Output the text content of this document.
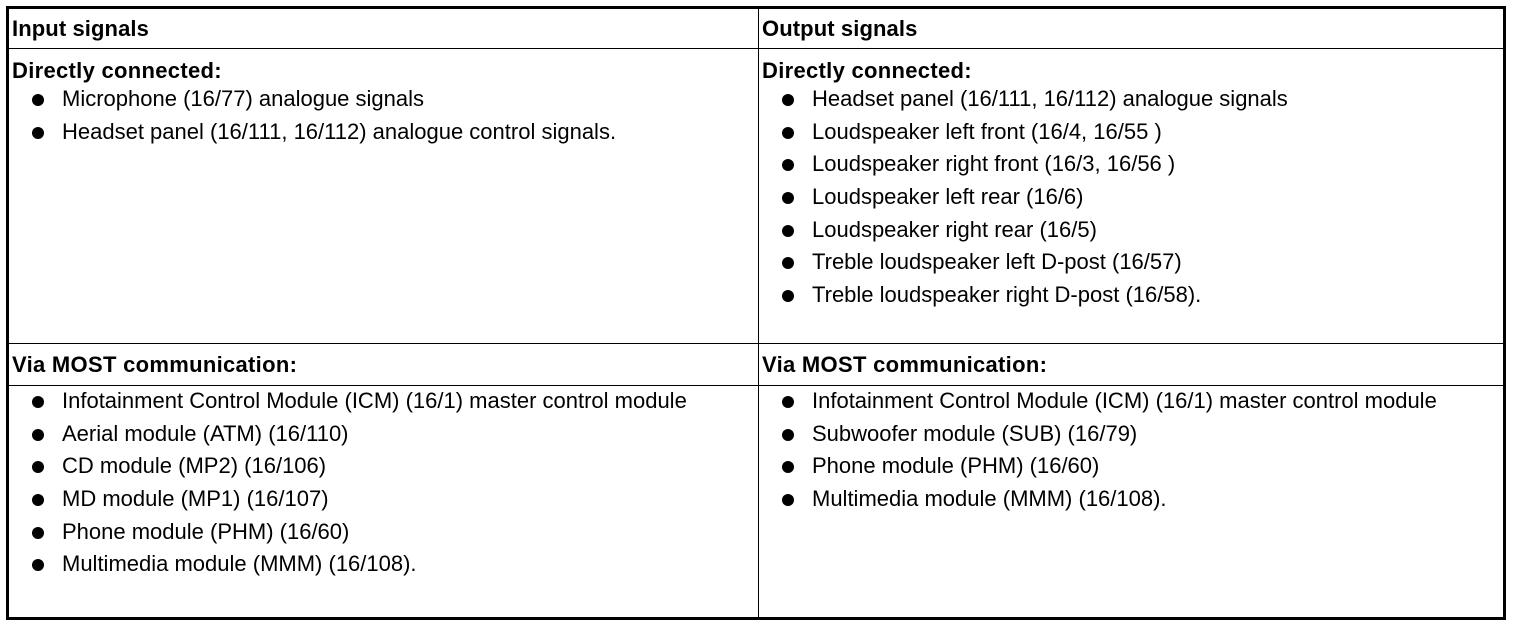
Input signals	Output signals
Directly connected:
Microphone (16/77) analogue signals
Headset panel (16/111, 16/112) analogue control signals.
Directly connected:
Headset panel (16/111, 16/112) analogue signals
Loudspeaker left front (16/4, 16/55 )
Loudspeaker right front (16/3, 16/56 )
Loudspeaker left rear (16/6)
Loudspeaker right rear (16/5)
Treble loudspeaker left D-post (16/57)
Treble loudspeaker right D-post (16/58).
Via MOST communication:	Via MOST communication:
Infotainment Control Module (ICM) (16/1) master control module
Aerial module (ATM) (16/110)
CD module (MP2) (16/106)
MD module (MP1) (16/107)
Phone module (PHM) (16/60)
Multimedia module (MMM) (16/108).
Infotainment Control Module (ICM) (16/1) master control module
Subwoofer module (SUB) (16/79)
Phone module (PHM) (16/60)
Multimedia module (MMM) (16/108).
